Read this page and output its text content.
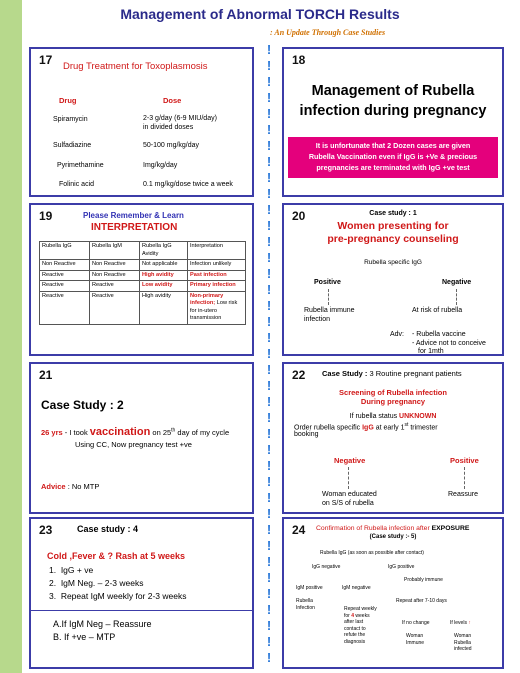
Management of Abnormal TORCH Results
: An Update Through Case Studies
!
!
!
!
!
!
!
!
!
!
!
!
!
!
!
!
!
!
!
!
!
!
!
!
!
!
!
!
!
!
!
!
!
!
!
!
!
!
!
17 Drug Treatment for Toxoplasmosis
Drug	Dose
Spiramycin	2-3 g/day (6-9 MIU/day)
in divided doses
Sulfadiazine	50-100 mg/kg/day
Pyrimethamine	Img/kg/day
Folinic acid	0.1 mg/kg/dose twice a week
18
Management of Rubella
infection during pregnancy
It is unfortunate that 2 Dozen cases are given
Rubella Vaccination even if IgG is +Ve & precious
pregnancies are terminated with IgG +ve test
19	Please Remember & Learn
INTERPRETATION
Rubella IgG	Rubella IgM	Rubella IgG Avidity	Interpretation
Non Reactive	Non Reactive	Not applicable	Infection unlikely
Reactive	Non Reactive	High avidity	Past infection
Reactive	Reactive	Low avidity	Primary infection
Reactive	Reactive	High avidity	Non-primary infection; Low risk for in-utero transmission
20	Case study : 1
Women presenting for
pre-pregnancy counseling
Rubella specific IgG
Positive	Negative
Rubella immune
infection
At risk of rubella
Adv: - Rubella vaccine
- Advice not to conceive
for 1mth
21
Case Study : 2
26 yrs - I took vaccination on 25th day of my cycle
Using CC, Now pregnancy test +ve
Advice : No MTP
22 Case Study : 3 Routine pregnant patients
Screening of Rubella infection
During pregnancy
If rubella status UNKNOWN
Order rubella specific IgG at early 1st trimester
booking
Negative	Positive
Woman educated
on S/S of rubella
Reassure
23	Case study : 4
Cold ,Fever & ? Rash at 5 weeks
1.  IgG + ve
2.  IgM Neg. – 2-3 weeks
3.  Repeat IgM weekly for 2-3 weeks
A.If IgM Neg – Reassure
B. If +ve – MTP
24 Confirmation of Rubella infection after EXPOSURE
(Case study :- 5)
Rubella IgG (as soon as possible after contact)
IgG negative	IgG positive
Probably immune
IgM positive	IgM negative
Repeat after 7-10 days
Rubella
Infection	Repeat weekly
for 4 weeks
after last
contact to
refute the
diagnosis
If no change	If levels ↑
Woman
Immune
Woman
Rubella
infected
